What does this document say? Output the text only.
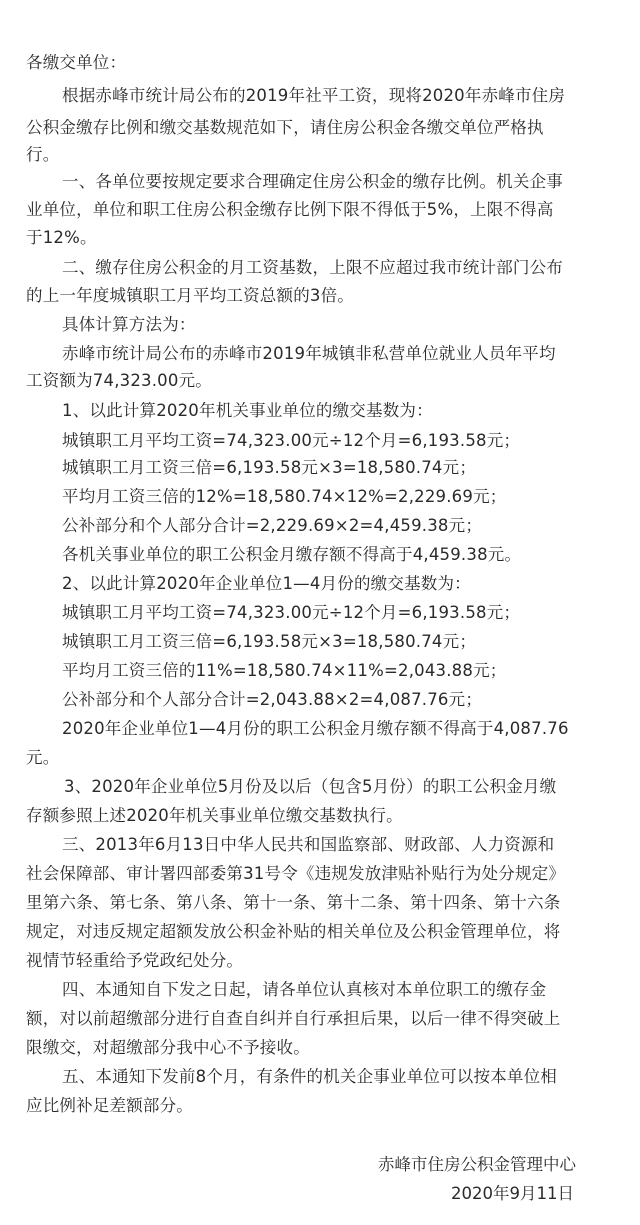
各缴交单位：
根据赤峰市统计局公布的2019年社平工资，现将2020年赤峰市住房
公积金缴存比例和缴交基数规范如下，请住房公积金各缴交单位严格执
行。
一、各单位要按规定要求合理确定住房公积金的缴存比例。机关企事
业单位，单位和职工住房公积金缴存比例下限不得低于5%，上限不得高
于12%。
二、缴存住房公积金的月工资基数，上限不应超过我市统计部门公布
的上一年度城镇职工月平均工资总额的3倍。
具体计算方法为：
赤峰市统计局公布的赤峰市2019年城镇非私营单位就业人员年平均
工资额为74,323.00元。
1、以此计算2020年机关事业单位的缴交基数为：
城镇职工月平均工资=74,323.00元÷12个月=6,193.58元；
城镇职工月工资三倍=6,193.58元×3=18,580.74元；
平均月工资三倍的12%=18,580.74×12%=2,229.69元；
公补部分和个人部分合计=2,229.69×2=4,459.38元；
各机关事业单位的职工公积金月缴存额不得高于4,459.38元。
2、以此计算2020年企业单位1—4月份的缴交基数为：
城镇职工月平均工资=74,323.00元÷12个月=6,193.58元；
城镇职工月工资三倍=6,193.58元×3=18,580.74元；
平均月工资三倍的11%=18,580.74×11%=2,043.88元；
公补部分和个人部分合计=2,043.88×2=4,087.76元；
2020年企业单位1—4月份的职工公积金月缴存额不得高于4,087.76
元。
3、2020年企业单位5月份及以后（包含5月份）的职工公积金月缴
存额参照上述2020年机关事业单位缴交基数执行。
三、2013年6月13日中华人民共和国监察部、财政部、人力资源和
社会保障部、审计署四部委第31号令《违规发放津贴补贴行为处分规定》
里第六条、第七条、第八条、第十一条、第十二条、第十四条、第十六条
规定，对违反规定超额发放公积金补贴的相关单位及公积金管理单位，将
视情节轻重给予党政纪处分。
四、本通知自下发之日起，请各单位认真核对本单位职工的缴存金
额，对以前超缴部分进行自查自纠并自行承担后果，以后一律不得突破上
限缴交，对超缴部分我中心不予接收。
五、本通知下发前8个月，有条件的机关企事业单位可以按本单位相
应比例补足差额部分。
赤峰市住房公积金管理中心
2020年9月11日
